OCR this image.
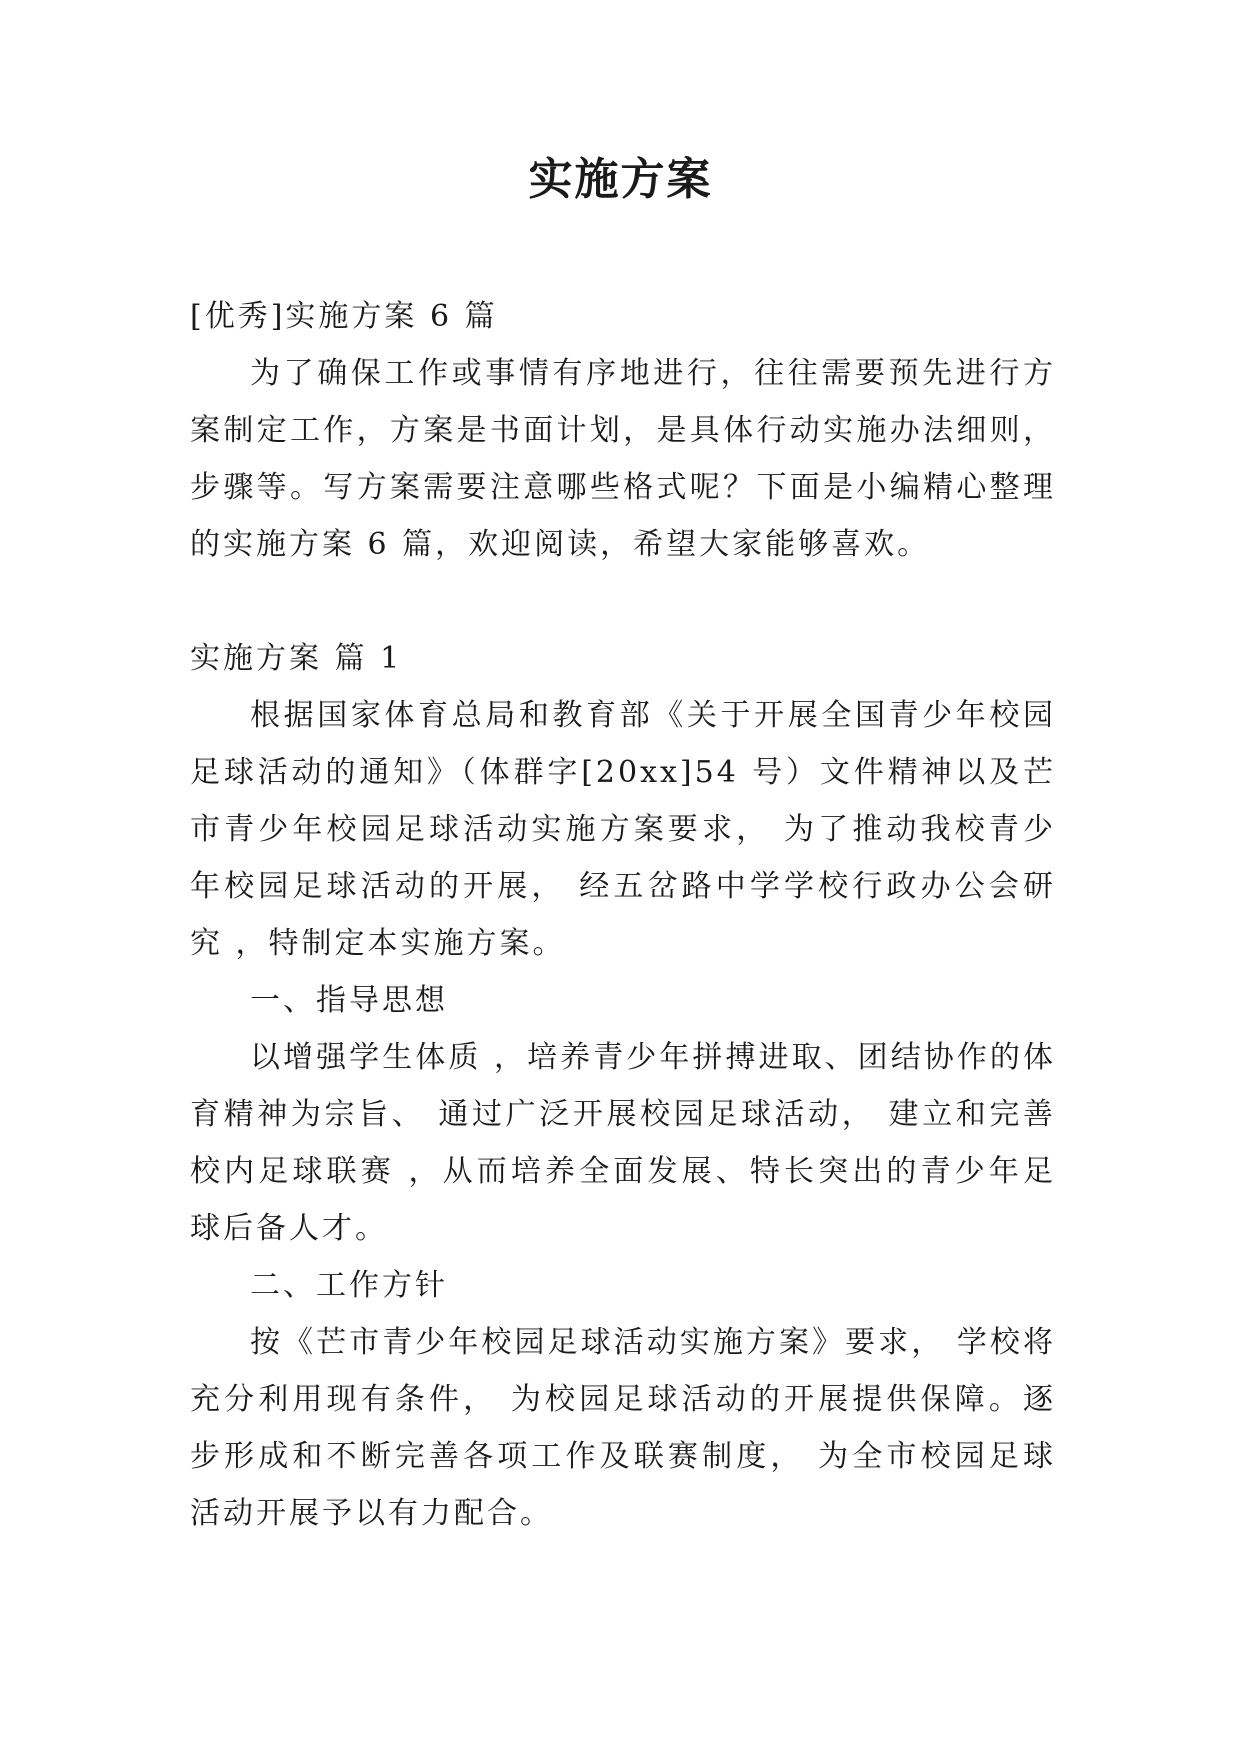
实施方案

[优秀]实施方案 6 篇

为了确保工作或事情有序地进行，往往需要预先进行方案制定工作，方案是书面计划，是具体行动实施办法细则，步骤等。写方案需要注意哪些格式呢？下面是小编精心整理的实施方案 6 篇，欢迎阅读，希望大家能够喜欢。

实施方案 篇 1

根据国家体育总局和教育部《关于开展全国青少年校园足球活动的通知》（体群字[20xx]54 号）文件精神以及芒市青少年校园足球活动实施方案要求， 为了推动我校青少年校园足球活动的开展， 经五岔路中学学校行政办公会研究 ，特制定本实施方案。

一、指导思想

以增强学生体质 ，培养青少年拼搏进取、团结协作的体育精神为宗旨、 通过广泛开展校园足球活动， 建立和完善校内足球联赛 ，从而培养全面发展、特长突出的青少年足球后备人才。

二、工作方针

按《芒市青少年校园足球活动实施方案》要求， 学校将充分利用现有条件， 为校园足球活动的开展提供保障。逐步形成和不断完善各项工作及联赛制度， 为全市校园足球活动开展予以有力配合。
